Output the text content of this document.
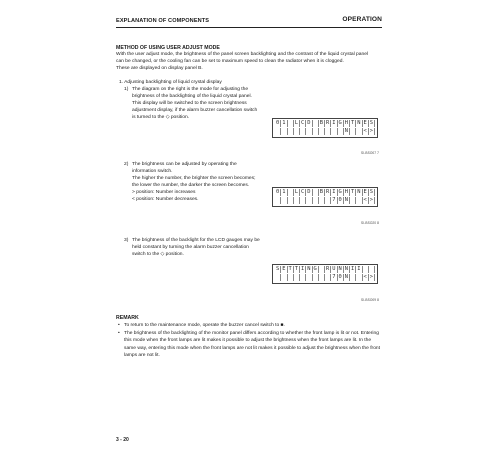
EXPLANATION OF COMPONENTS	OPERATION
METHOD OF USING USER ADJUST MODE
With the user adjust mode, the brightness of the panel screen backlighting and the contrast of the liquid crystal panel
can be changed, or the cooling fan can be set to maximum speed to clean the radiator when it is clogged.
These are displayed on display panel B.
1. Adjusting backlighting of liquid crystal display
1) The diagram on the right is the mode for adjusting the
brightness of the backlighting of the liquid crystal panel.
This display will be switched to the screen brightness
adjustment display, if the alarm buzzer cancellation switch
is turned to the ◇ position.
2) The brightness can be adjusted by operating the
information switch.
The higher the number, the brighter the screen becomes;
the lower the number, the darker the screen becomes.
> position: Number increases
< position: Number decreases.
3) The brightness of the backlight for the LCD gauges may be
held constant by turning the alarm buzzer cancellation
switch to the ◇ position.
0 1	L C D	B R I G H T N E S
N	< >
SI-BSO07 7
0 1	L C D	B R I G H T N E S
7 0 N	< >
SI-BSO20 8
S E T T I N G	R U N N I I
7 0 N	< >
SI-BSO09 8
REMARK
• To return to the maintenance mode, operate the buzzer cancel switch to ■.
• The brightness of the backlighting of the monitor panel differs according to whether the front lamp is lit or not. Entering this mode when the front lamps are lit makes it possible to adjust the brightness when the front lamps are lit. In the same way, entering this mode when the front lamps are not lit makes it possible to adjust the brightness when the front lamps are not lit.
3 - 20
